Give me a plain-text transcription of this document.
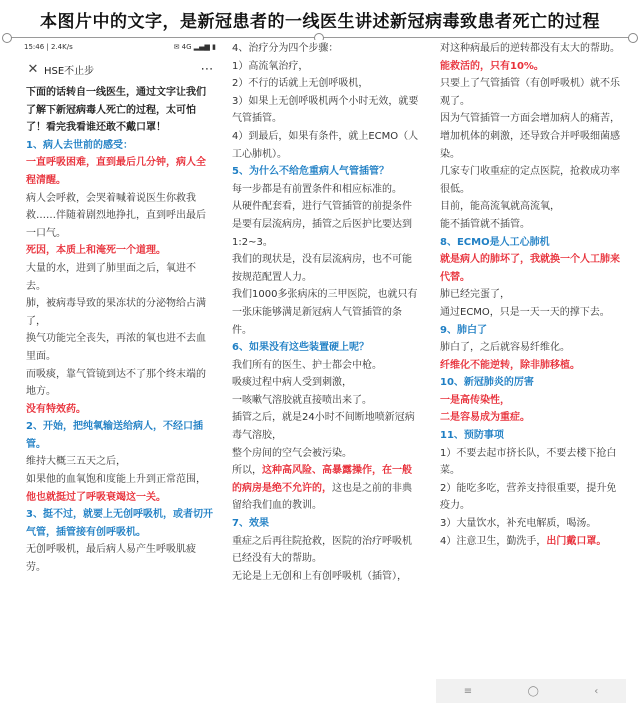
本图片中的文字，是新冠患者的一线医生讲述新冠病毒致患者死亡的过程
15:46 | 2.4K/s	✉ 4G ▂▄▆ ▮
✕ HSE不止步	⋯

下面的话转自一线医生，通过文字让我们了解下新冠病毒人死亡的过程，太可怕了！看完我看谁还敢不戴口罩！

1、病人去世前的感受：

一直呼吸困难，直到最后几分钟，病人全程清醒。

病人会呼救，会哭着喊着说医生你救我救……伴随着剧烈地挣扎，直到呼出最后一口气。

死因，本质上和淹死一个道理。

大量的水，进到了肺里面之后，氧进不去。

肺，被病毒导致的果冻状的分泌物给占满了，

换气功能完全丧失，再浓的氧也进不去血里面。

而吸痰，靠气管镜到达不了那个终末端的地方。

没有特效药。

2、开始，把纯氧输送给病人，不经口插管。

维持大概三五天之后，

如果他的血氧饱和度能上升到正常范围，

他也就挺过了呼吸衰竭这一关。

3、挺不过，就要上无创呼吸机，或者切开气管，插管接有创呼吸机。

无创呼吸机，最后病人易产生呼吸肌疲劳。

4、治疗分为四个步骤：

1）高流氧治疗，

2）不行的话就上无创呼吸机，

3）如果上无创呼吸机两个小时无效，就要气管插管。

4）到最后，如果有条件，就上ECMO（人工心肺机）。

5、为什么不给危重病人气管插管？

每一步都是有前置条件和相应标准的。

从硬件配套看，进行气管插管的前提条件是要有层流病房，插管之后医护比要达到1:2~3。

我们的现状是，没有层流病房，也不可能按规范配置人力。

我们1000多张病床的三甲医院，也就只有一张床能够满足新冠病人气管插管的条件。

6、如果没有这些装置硬上呢？

我们所有的医生、护士都会中枪。

吸痰过程中病人受到刺激，

一咳嗽气溶胶就直接喷出来了。

插管之后，就是24小时不间断地喷新冠病毒气溶胶，

整个房间的空气会被污染。

所以，这种高风险、高暴露操作，在一般的病房是绝不允许的，这也是之前的非典留给我们血的教训。

7、效果

重症之后再往院抢救，医院的治疗呼吸机已经没有大的帮助。

无论是上无创和上有创呼吸机（插管），

对这种病最后的逆转都没有太大的帮助。

能救活的，只有10%。

只要上了气管插管（有创呼吸机）就不乐观了。

因为气管插管一方面会增加病人的痛苦，

增加机体的刺激，还导致合并呼吸细菌感染。

几家专门收重症的定点医院，抢救成功率很低。

目前，能高流氧就高流氧，

能不插管就不插管。

8、ECMO是人工心肺机

就是病人的肺坏了，我就换一个人工肺来代替。

肺已经完蛋了，

通过ECMO，只是一天一天的撑下去。

9、肺白了

肺白了，之后就容易纤维化。

纤维化不能逆转，除非肺移植。

10、新冠肺炎的厉害

一是高传染性，

二是容易成为重症。

11、预防事项

1）不要去起市挤长队，不要去楼下抢白菜。

2）能吃多吃，营养支持很重要，提升免疫力。

3）大量饮水，补充电解质，喝汤。

4）注意卫生，勤洗手，出门戴口罩。

≡	◯	‹
